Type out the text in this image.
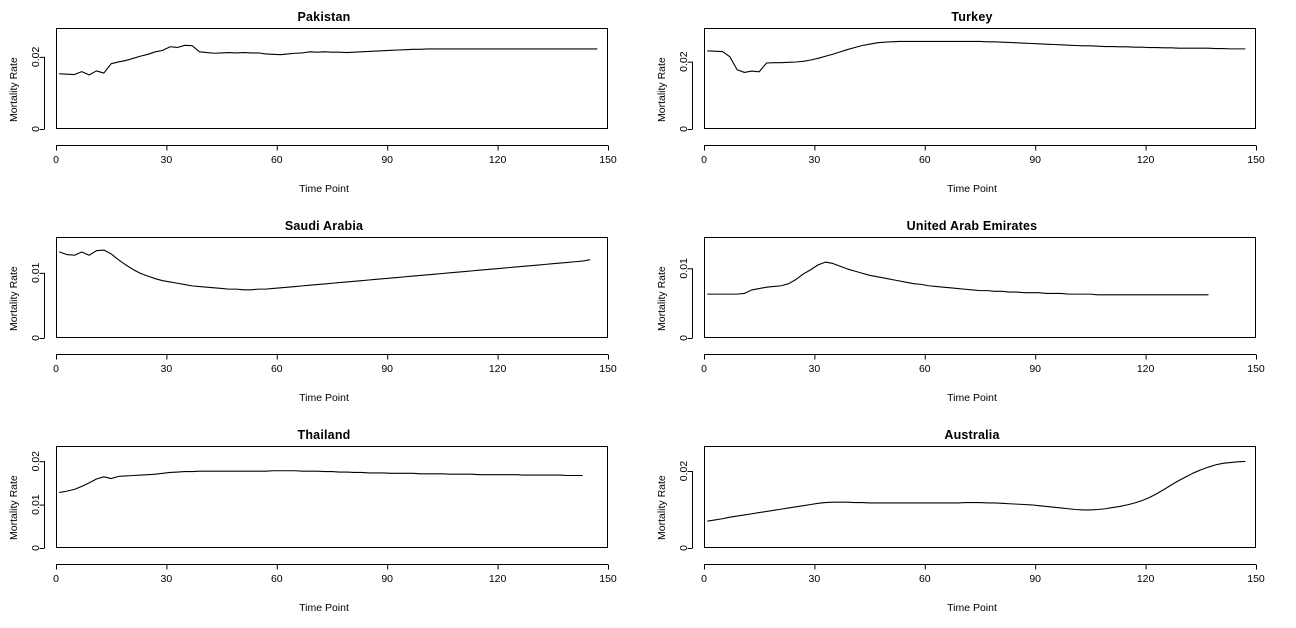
Pakistan
Mortality Rate
Time Point
0	30	60	90	120	150
0
0.02
Turkey
Mortality Rate
Time Point
0	30	60	90	120	150
0
0.02
Saudi Arabia
Mortality Rate
Time Point
0	30	60	90	120	150
0
0.01
United Arab Emirates
Mortality Rate
Time Point
0	30	60	90	120	150
0
0.01
Thailand
Mortality Rate
Time Point
0	30	60	90	120	150
0
0.01
0.02
Australia
Mortality Rate
Time Point
0	30	60	90	120	150
0
0.02
